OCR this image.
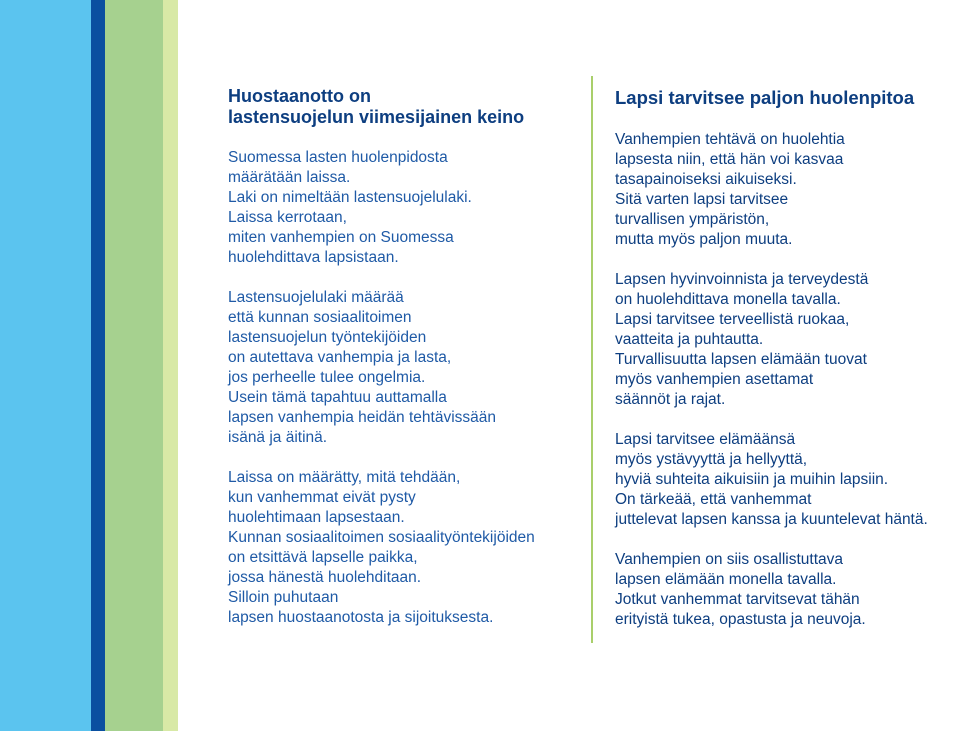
Huostaanotto on
lastensuojelun viimesijainen keino
Suomessa lasten huolenpidosta
määrätään laissa.
Laki on nimeltään lastensuojelulaki.
Laissa kerrotaan,
miten vanhempien on Suomessa
huolehdittava lapsistaan.
Lastensuojelulaki määrää
että kunnan sosiaalitoimen
lastensuojelun työntekijöiden
on autettava vanhempia ja lasta,
jos perheelle tulee ongelmia.
Usein tämä tapahtuu auttamalla
lapsen vanhempia heidän tehtävissään
isänä ja äitinä.
Laissa on määrätty, mitä tehdään,
kun vanhemmat eivät pysty
huolehtimaan lapsestaan.
Kunnan sosiaalitoimen sosiaalityöntekijöiden
on etsittävä lapselle paikka,
jossa hänestä huolehditaan.
Silloin puhutaan
lapsen huostaanotosta ja sijoituksesta.
Lapsi tarvitsee paljon huolenpitoa
Vanhempien tehtävä on huolehtia
lapsesta niin, että hän voi kasvaa
tasapainoiseksi aikuiseksi.
Sitä varten lapsi tarvitsee
turvallisen ympäristön,
mutta myös paljon muuta.
Lapsen hyvinvoinnista ja terveydestä
on huolehdittava monella tavalla.
Lapsi tarvitsee terveellistä ruokaa,
vaatteita ja puhtautta.
Turvallisuutta lapsen elämään tuovat
myös vanhempien asettamat
säännöt ja rajat.
Lapsi tarvitsee elämäänsä
myös ystävyyttä ja hellyyttä,
hyviä suhteita aikuisiin ja muihin lapsiin.
On tärkeää, että vanhemmat
juttelevat lapsen kanssa ja kuuntelevat häntä.
Vanhempien on siis osallistuttava
lapsen elämään monella tavalla.
Jotkut vanhemmat tarvitsevat tähän
erityistä tukea, opastusta ja neuvoja.
